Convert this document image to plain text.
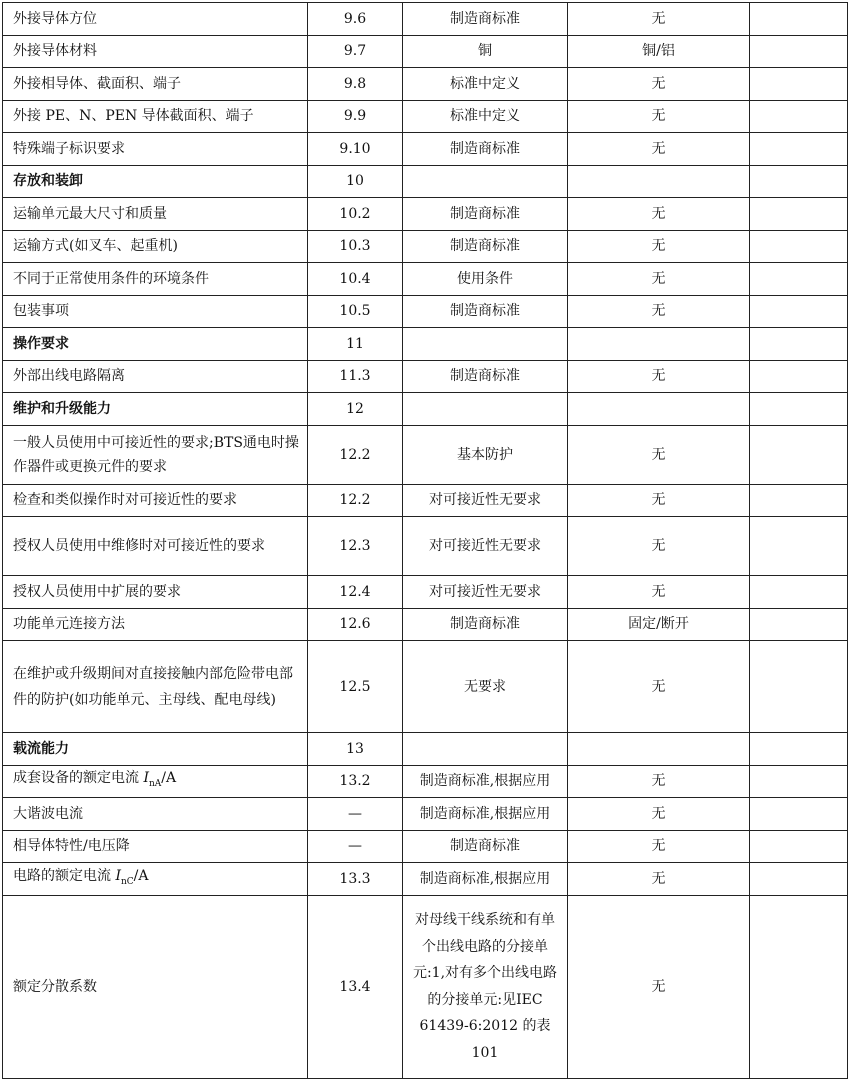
外接导体方位	9.6	制造商标准	无	
外接导体材料	9.7	铜	铜/铝	
外接相导体、截面积、端子	9.8	标准中定义	无	
外接 PE、N、PEN 导体截面积、端子	9.9	标准中定义	无	
特殊端子标识要求	9.10	制造商标准	无	
存放和装卸	10			
运输单元最大尺寸和质量	10.2	制造商标准	无	
运输方式(如叉车、起重机)	10.3	制造商标准	无	
不同于正常使用条件的环境条件	10.4	使用条件	无	
包装事项	10.5	制造商标准	无	
操作要求	11			
外部出线电路隔离	11.3	制造商标准	无	
维护和升级能力	12			
一般人员使用中可接近性的要求;BTS通电时操作器件或更换元件的要求	12.2	基本防护	无	
检查和类似操作时对可接近性的要求	12.2	对可接近性无要求	无	
授权人员使用中维修时对可接近性的要求	12.3	对可接近性无要求	无	
授权人员使用中扩展的要求	12.4	对可接近性无要求	无	
功能单元连接方法	12.6	制造商标准	固定/断开	
在维护或升级期间对直接接触内部危险带电部件的防护(如功能单元、主母线、配电母线)	12.5	无要求	无	
载流能力	13			
成套设备的额定电流 $I_{nA}/A$	13.2	制造商标准,根据应用	无	
大谐波电流	—	制造商标准,根据应用	无	
相导体特性/电压降	—	制造商标准	无	
电路的额定电流 $I_{nC}/A$	13.3	制造商标准,根据应用	无	
额定分散系数	13.4	对母线干线系统和有单个出线电路的分接单元:1,对有多个出线电路的分接单元:见IEC 61439-6:2012 的表 101	无	
